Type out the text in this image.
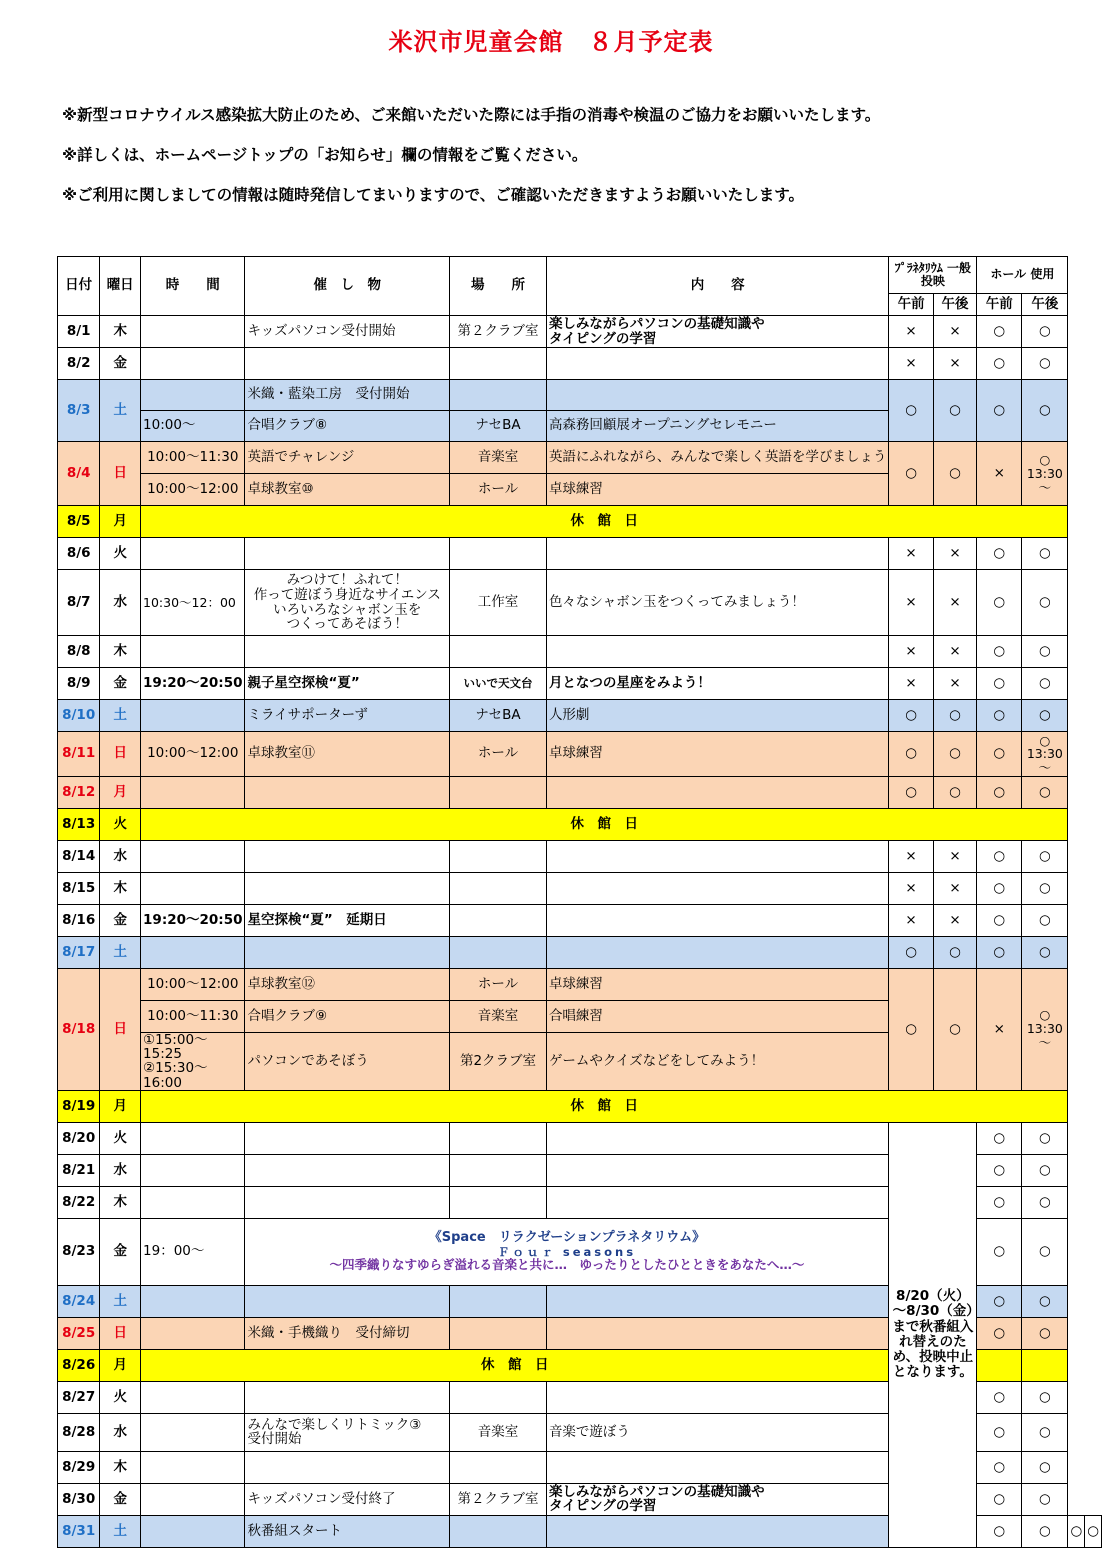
米沢市児童会館　８月予定表
※新型コロナウイルス感染拡大防止のため、ご来館いただいた際には手指の消毒や検温のご協力をお願いいたします。
※詳しくは、ホームページトップの「お知らせ」欄の情報をご覧ください。
※ご利用に関しましての情報は随時発信してまいりますので、ご確認いただきますようお願いいたします。
日付	曜日	時　　間	催　し　物	場　　所	内　　容	ﾌﾟﾗﾈﾀﾘｳﾑ 一般投映		ホール 使用			
						午前	午後	午前	午後		
8/1	木		キッズパソコン受付開始	第２クラブ室	楽しみながらパソコンの基礎知識や
タイピングの学習	×	×	○	○		
8/2	金					×	×	○	○		
8/3	土		米織・藍染工房　受付開始			○	○	○	○		
		10:00～	合唱クラブ⑧	ナセBA	高森務回顧展オープニングセレモニー						
8/4	日	10:00～11:30	英語でチャレンジ	音楽室	英語にふれながら、みんなで楽しく英語を学びましょう	○	○	×	○
13:30
～		
		10:00～12:00	卓球教室⑩	ホール	卓球練習						
8/5	月	休　館　日									
8/6	火					×	×	○	○		
8/7	水	10:30～12：00	みつけて！ふれて！
作って遊ぼう身近なサイエンス
いろいろなシャボン玉を
つくってあそぼう！	工作室	色々なシャボン玉をつくってみましょう！	×	×	○	○		
8/8	木					×	×	○	○		
8/9	金	19:20～20:50	親子星空探検“夏”	いいで天文台	月となつの星座をみよう！	×	×	○	○		
8/10	土		ミライサポーターず	ナセBA	人形劇	○	○	○	○		
8/11	日	10:00～12:00	卓球教室⑪	ホール	卓球練習	○	○	○	○
13:30
～		
8/12	月					○	○	○	○		
8/13	火	休　館　日									
8/14	水					×	×	○	○		
8/15	木					×	×	○	○		
8/16	金	19:20～20:50	星空探検“夏”　延期日			×	×	○	○		
8/17	土					○	○	○	○		
8/18	日	10:00～12:00	卓球教室⑫	ホール	卓球練習	○	○	×	○
13:30
～		
		10:00～11:30	合唱クラブ⑨	音楽室	合唱練習						
		①15:00～15:25
②15:30～16:00	パソコンであそぼう	第2クラブ室	ゲームやクイズなどをしてみよう！						
8/19	月	休　館　日									
8/20	火					8/20（火）～8/30（金）まで秋番組入れ替えのため、投映中止となります。		○	○		
8/21	水							○	○		
8/22	木							○	○		
8/23	金	19：00～	《Space　リラクゼーションプラネタリウム》
Ｆｏｕｒ seasons
～四季織りなすゆらぎ溢れる音楽と共に…　ゆったりとしたひとときをあなたへ…～					○	○		
8/24	土							○	○		
8/25	日		米織・手機織り　受付締切					○	○		
8/26	月	休　館　日									
8/27	火							○	○		
8/28	水		みんなで楽しくリトミック③
受付開始	音楽室	音楽で遊ぼう			○	○		
8/29	木							○	○		
8/30	金		キッズパソコン受付終了	第２クラブ室	楽しみながらパソコンの基礎知識や
タイピングの学習			○	○		
8/31	土		秋番組スタート					○	○	○	○
